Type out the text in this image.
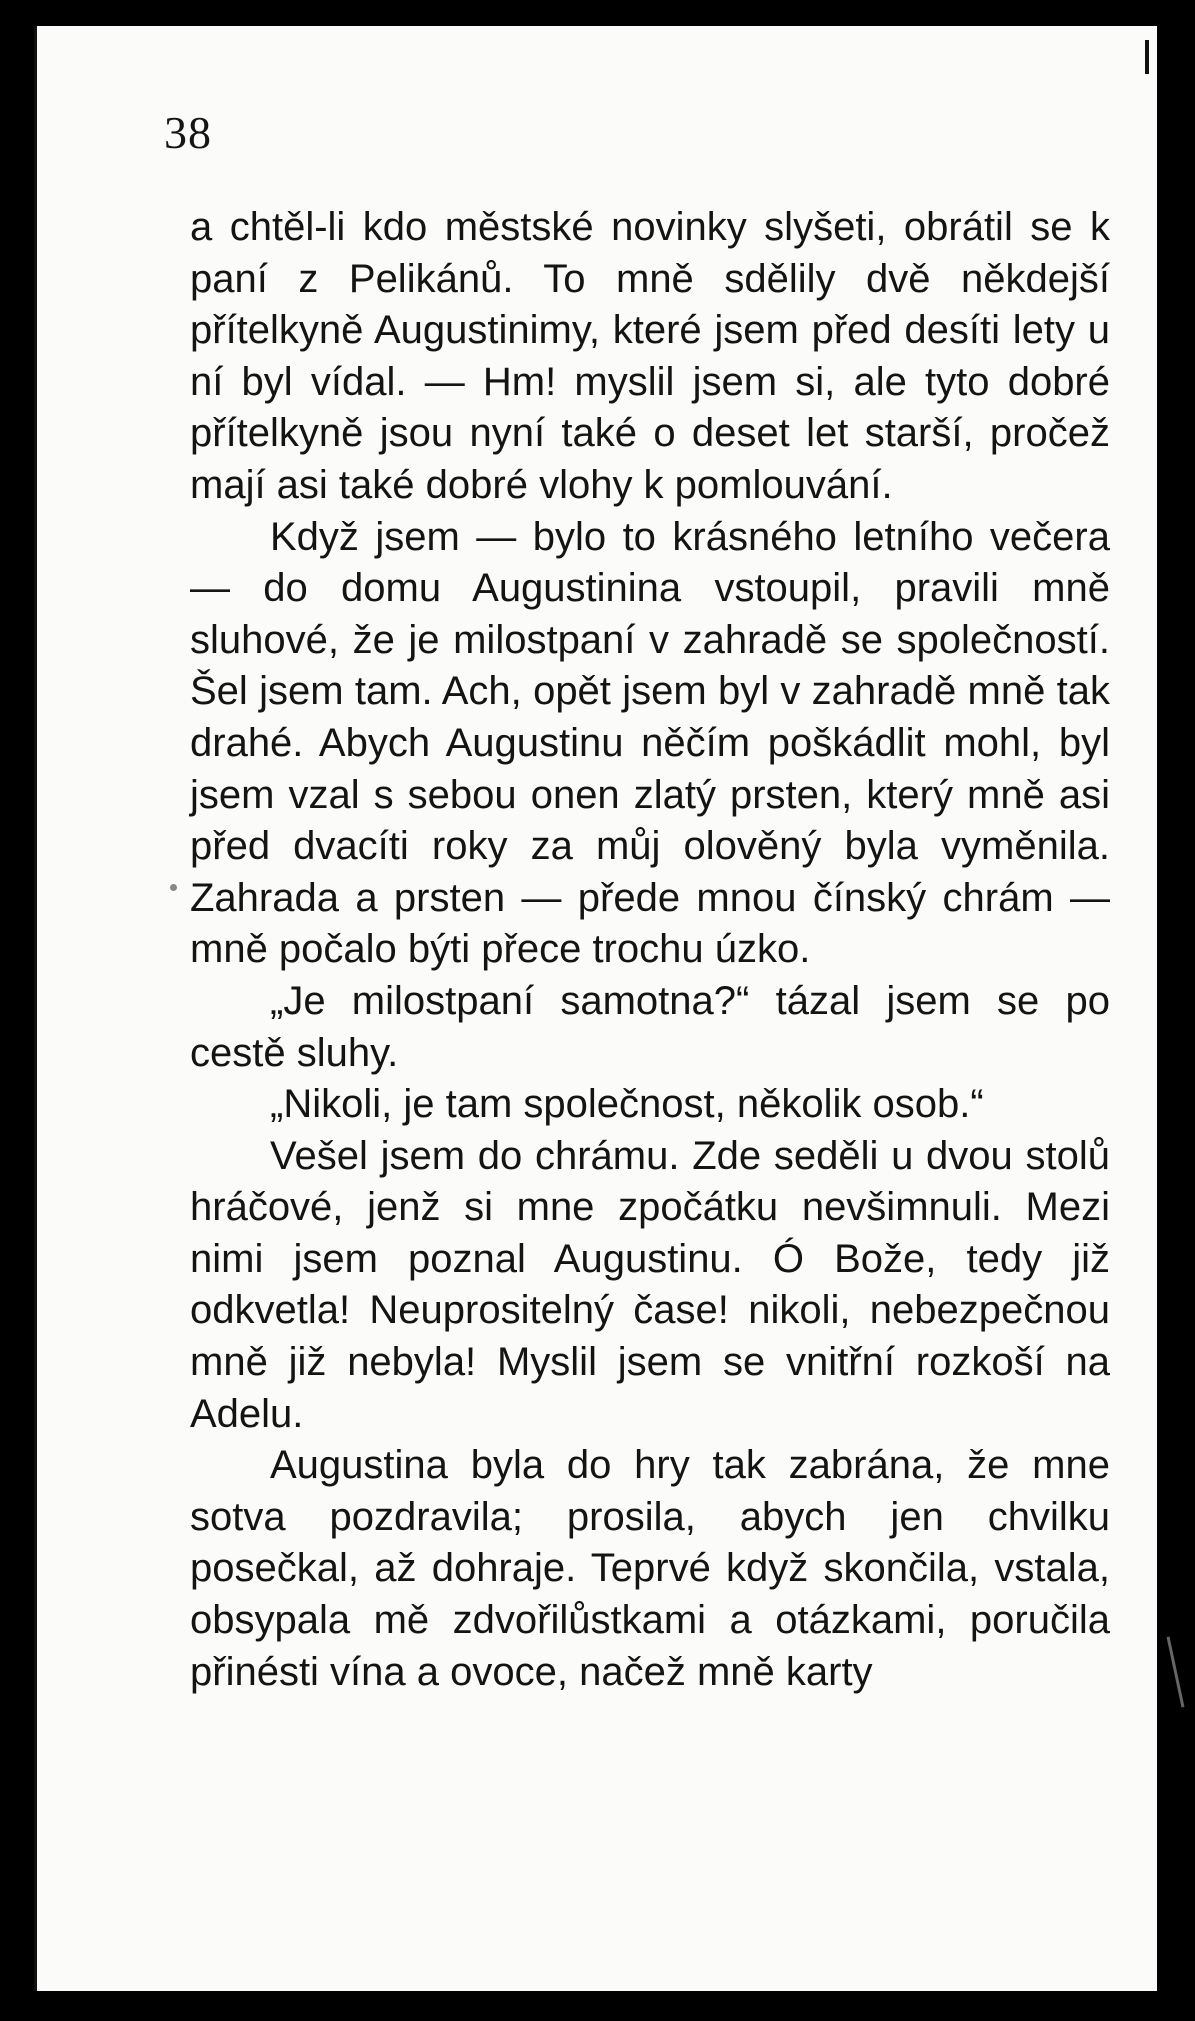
38

a chtěl-li kdo městské novinky slyšeti, obrátil se k paní z Pelikánů. To mně sdělily dvě někdejší přítelkyně Augustinimy, které jsem před desíti lety u ní byl vídal. — Hm! myslil jsem si, ale tyto dobré přítelkyně jsou nyní také o deset let starší, pročež mají asi také dobré vlohy k pomlouvání.

Když jsem — bylo to krásného letního večera — do domu Augustinina vstoupil, pravili mně sluhové, že je milostpaní v zahradě se společností. Šel jsem tam. Ach, opět jsem byl v zahradě mně tak drahé. Abych Augustinu něčím poškádlit mohl, byl jsem vzal s sebou onen zlatý prsten, který mně asi před dvacíti roky za můj olověný byla vyměnila. Zahrada a prsten — přede mnou čínský chrám — mně počalo býti přece trochu úzko.

„Je milostpaní samotna?“ tázal jsem se po cestě sluhy.

„Nikoli, je tam společnost, několik osob.“

Vešel jsem do chrámu. Zde seděli u dvou stolů hráčové, jenž si mne zpočátku nevšimnuli. Mezi nimi jsem poznal Augustinu. Ó Bože, tedy již odkvetla! Neuprositelný čase! nikoli, nebezpečnou mně již nebyla! Myslil jsem se vnitřní rozkoší na Adelu.

Augustina byla do hry tak zabrána, že mne sotva pozdravila; prosila, abych jen chvilku posečkal, až dohraje. Teprvé když skončila, vstala, obsypala mě zdvořilůstkami a otázkami, poručila přinésti vína a ovoce, načež mně karty
